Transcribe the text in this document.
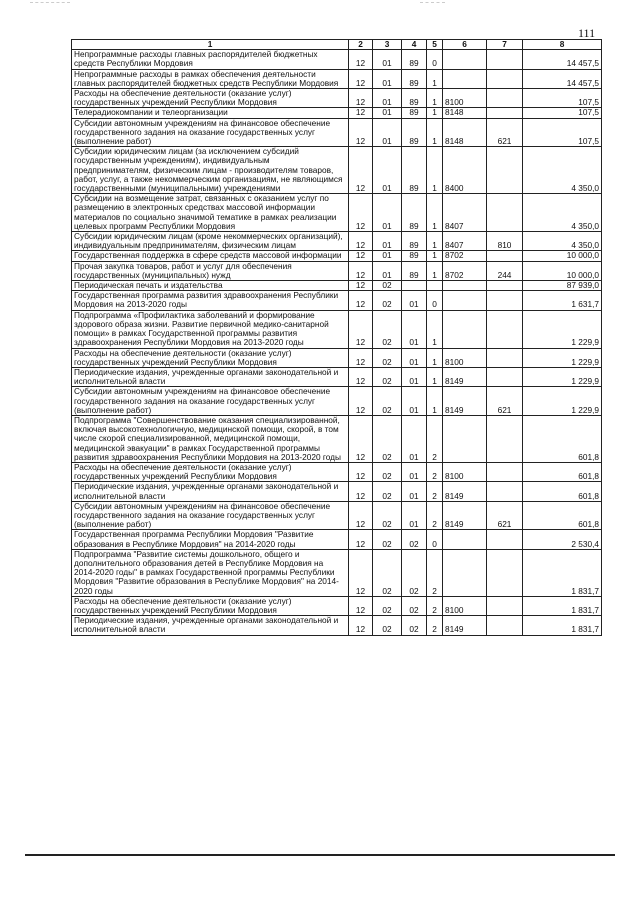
111
1	2	3	4	5	6	7	8
Непрограммные расходы главных распорядителей бюджетных средств Республики Мордовия	12	01	89	0			14 457,5
Непрограммные расходы в рамках обеспечения деятельности главных распорядителей бюджетных средств Республики Мордовия	12	01	89	1			14 457,5
Расходы на обеспечение деятельности (оказание услуг) государственных учреждений Республики Мордовия	12	01	89	1	8100		107,5
Телерадиокомпании и телеорганизации	12	01	89	1	8148		107,5
Субсидии автономным учреждениям на финансовое обеспечение государственного задания на оказание государственных услуг (выполнение работ)	12	01	89	1	8148	621	107,5
Субсидии юридическим лицам (за исключением субсидий государственным учреждениям), индивидуальным предпринимателям, физическим лицам - производителям товаров, работ, услуг, а также некоммерческим организациям, не являющимся государственными (муниципальными) учреждениями	12	01	89	1	8400		4 350,0
Субсидии на возмещение затрат, связанных с оказанием услуг по размещению в электронных средствах массовой информации материалов по социально значимой тематике в рамках реализации целевых программ Республики Мордовия	12	01	89	1	8407		4 350,0
Субсидии юридическим лицам (кроме некоммерческих организаций), индивидуальным предпринимателям, физическим лицам	12	01	89	1	8407	810	4 350,0
Государственная поддержка в сфере средств массовой информации	12	01	89	1	8702		10 000,0
Прочая закупка товаров, работ и услуг для обеспечения государственных (муниципальных) нужд	12	01	89	1	8702	244	10 000,0
Периодическая печать и издательства	12	02					87 939,0
Государственная программа развития здравоохранения Республики Мордовия на 2013-2020 годы	12	02	01	0			1 631,7
Подпрограмма «Профилактика заболеваний и формирование здорового образа жизни. Развитие первичной медико-санитарной помощи» в рамках Государственной программы развития здравоохранения Республики Мордовия на 2013-2020 годы	12	02	01	1			1 229,9
Расходы на обеспечение деятельности (оказание услуг) государственных учреждений Республики Мордовия	12	02	01	1	8100		1 229,9
Периодические издания, учрежденные органами законодательной и исполнительной власти	12	02	01	1	8149		1 229,9
Субсидии автономным учреждениям на финансовое обеспечение государственного задания на оказание государственных услуг (выполнение работ)	12	02	01	1	8149	621	1 229,9
Подпрограмма "Совершенствование оказания специализированной, включая высокотехнологичную, медицинской помощи, скорой, в том числе скорой специализированной, медицинской помощи, медицинской эвакуации" в рамках Государственной программы развития здравоохранения Республики Мордовия на 2013-2020 годы	12	02	01	2			601,8
Расходы на обеспечение деятельности (оказание услуг) государственных учреждений Республики Мордовия	12	02	01	2	8100		601,8
Периодические издания, учрежденные органами законодательной и исполнительной власти	12	02	01	2	8149		601,8
Субсидии автономным учреждениям на финансовое обеспечение государственного задания на оказание государственных услуг (выполнение работ)	12	02	01	2	8149	621	601,8
Государственная программа Республики Мордовия "Развитие образования в Республике Мордовия" на 2014-2020 годы	12	02	02	0			2 530,4
Подпрограмма "Развитие системы дошкольного, общего и дополнительного образования детей в Республике Мордовия на 2014-2020 годы" в рамках Государственной программы Республики Мордовия "Развитие образования в Республике Мордовия" на 2014-2020 годы	12	02	02	2			1 831,7
Расходы на обеспечение деятельности (оказание услуг) государственных учреждений Республики Мордовия	12	02	02	2	8100		1 831,7
Периодические издания, учрежденные органами законодательной и исполнительной власти	12	02	02	2	8149		1 831,7
